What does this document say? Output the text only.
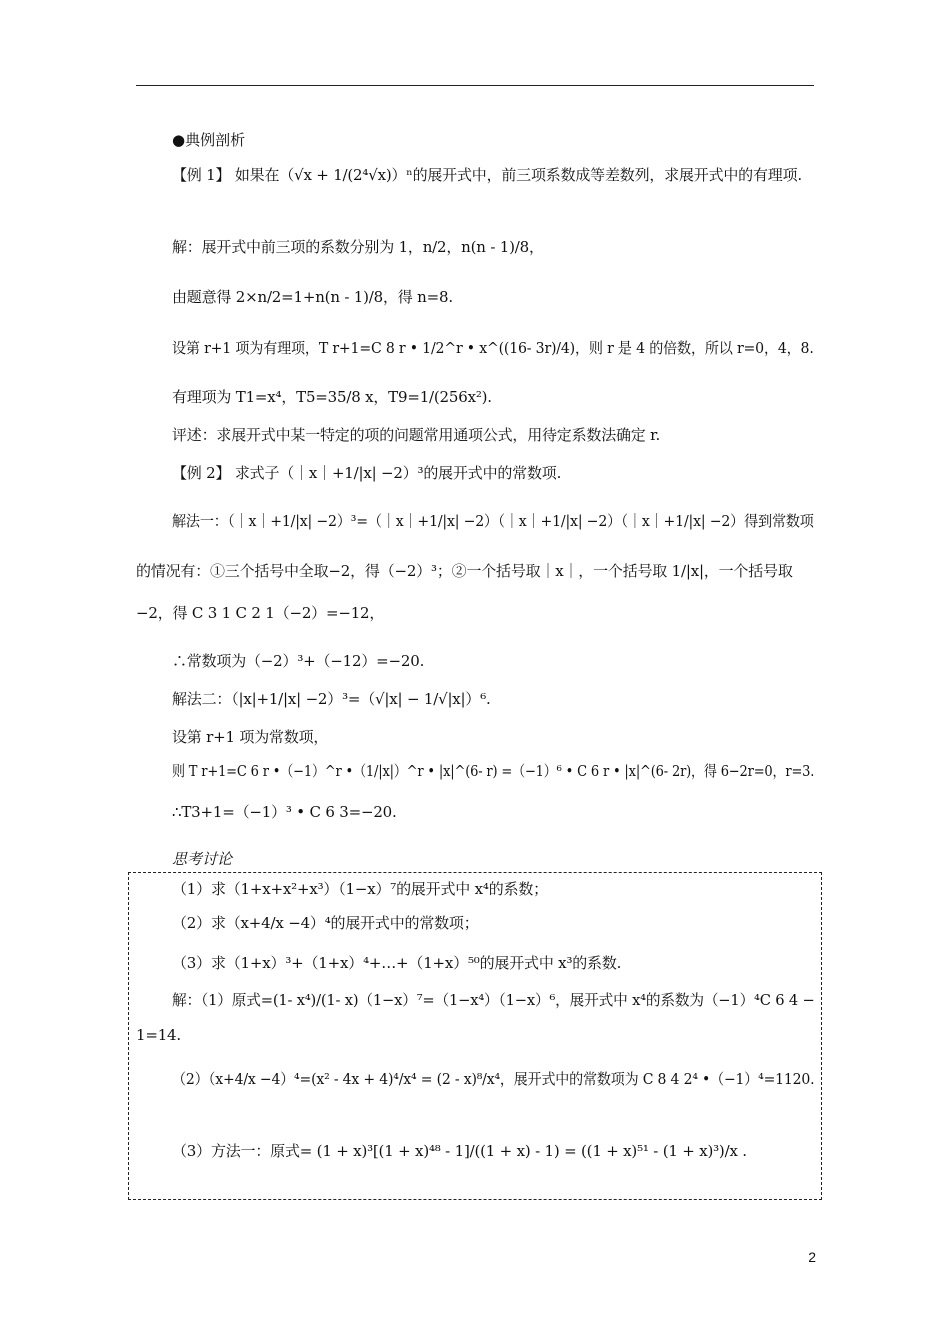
●典例剖析
【例 1】 如果在（√x + 1/(2⁴√x)）ⁿ的展开式中，前三项系数成等差数列，求展开式中的有理项.
解：展开式中前三项的系数分别为 1，n/2，n(n - 1)/8，
由题意得 2×n/2=1+n(n - 1)/8，得 n=8.
设第 r+1 项为有理项，T r+1=C 8 r • 1/2^r • x^((16- 3r)/4)，则 r 是 4 的倍数，所以 r=0，4，8.
有理项为 T1=x⁴，T5=35/8 x，T9=1/(256x²).
评述：求展开式中某一特定的项的问题常用通项公式，用待定系数法确定 r.
【例 2】 求式子（｜x｜+1/|x| −2）³的展开式中的常数项.
解法一：（｜x｜+1/|x| −2）³=（｜x｜+1/|x| −2）（｜x｜+1/|x| −2）（｜x｜+1/|x| −2）得到常数项
的情况有：①三个括号中全取−2，得（−2）³；②一个括号取｜x｜，一个括号取 1/|x|，一个括号取
−2，得 C 3 1 C 2 1（−2）=−12，
∴常数项为（−2）³+（−12）=−20.
解法二：（|x|+1/|x| −2）³=（√|x| − 1/√|x|）⁶.
设第 r+1 项为常数项，
则 T r+1=C 6 r •（−1）^r •（1/|x|）^r • |x|^(6- r) =（−1）⁶ • C 6 r • |x|^(6- 2r)，得 6−2r=0，r=3.
∴T3+1=（−1）³ • C 6 3=−20.
思考讨论
（1）求（1+x+x²+x³）（1−x）⁷的展开式中 x⁴的系数；
（2）求（x+4/x −4）⁴的展开式中的常数项；
（3）求（1+x）³+（1+x）⁴+…+（1+x）⁵⁰的展开式中 x³的系数.
解：（1）原式=(1- x⁴)/(1- x)（1−x）⁷=（1−x⁴）（1−x）⁶，展开式中 x⁴的系数为（−1）⁴C 6 4 −
1=14.
（2）（x+4/x −4）⁴=(x² - 4x + 4)⁴/x⁴ = (2 - x)⁸/x⁴，展开式中的常数项为 C 8 4 2⁴ •（−1）⁴=1120.
（3）方法一：原式= (1 + x)³[(1 + x)⁴⁸ - 1]/((1 + x) - 1) = ((1 + x)⁵¹ - (1 + x)³)/x .
2
